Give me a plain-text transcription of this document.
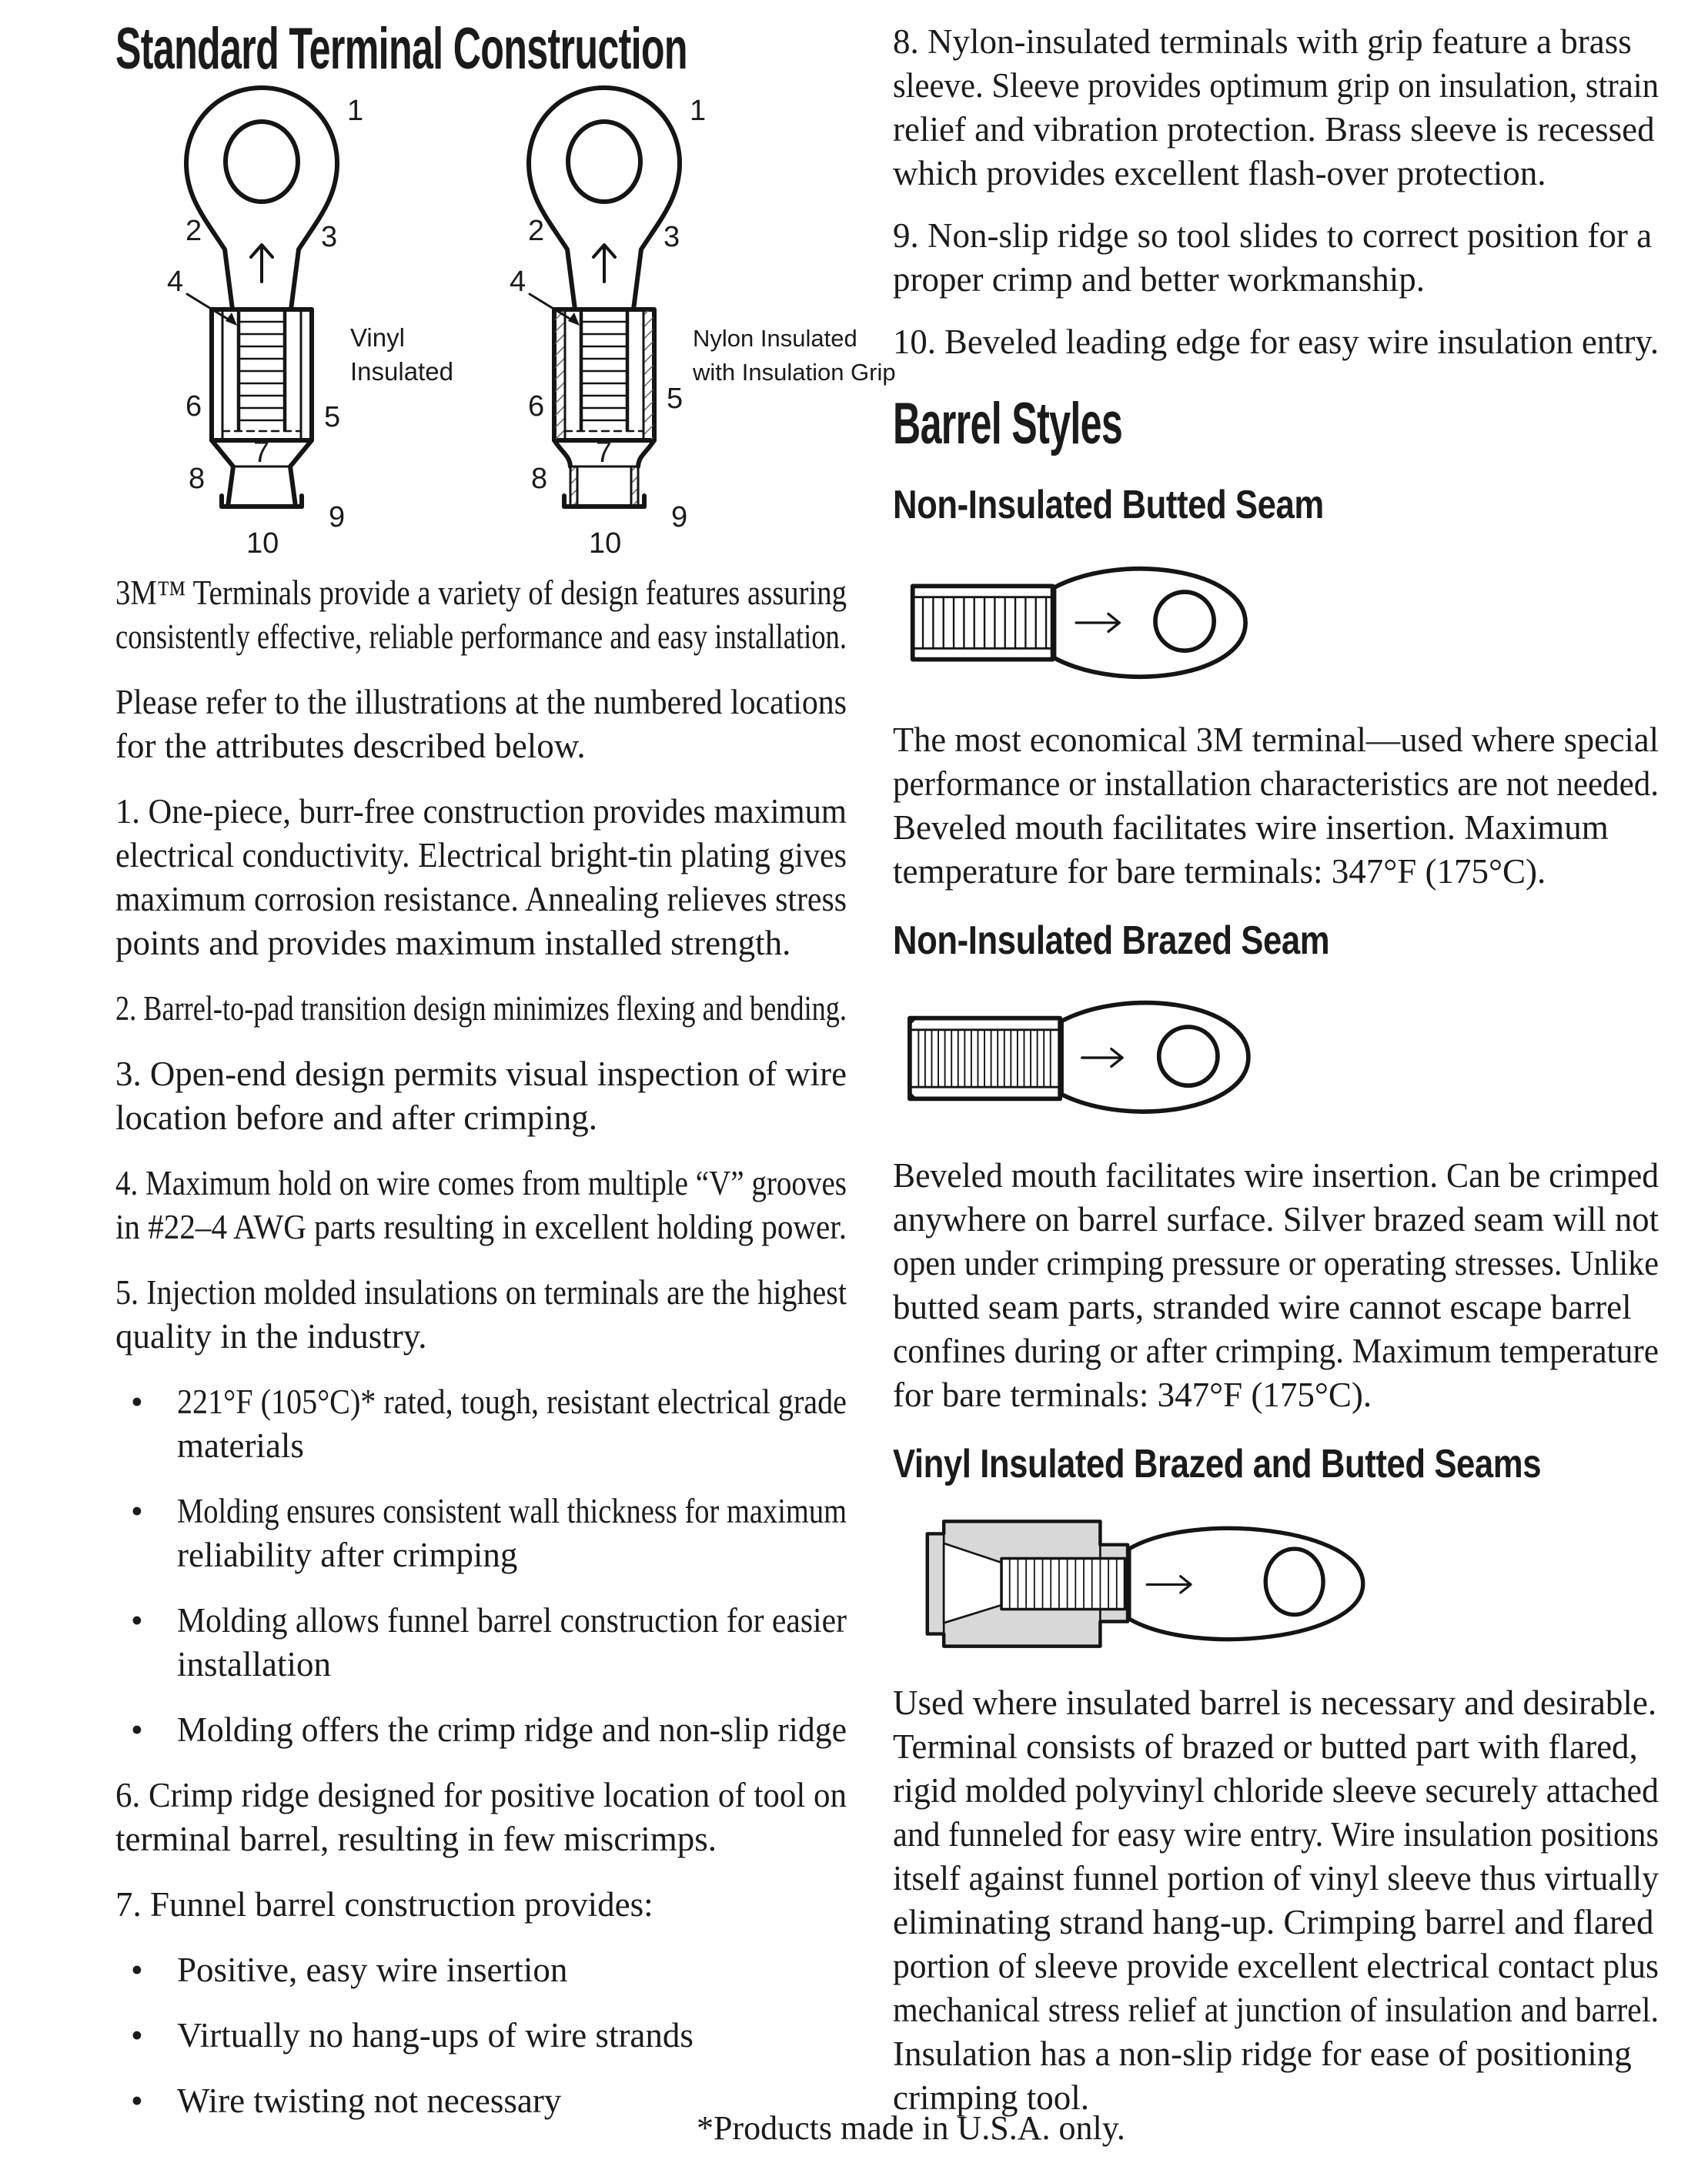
Standard Terminal Construction
1
2	3
4
6	5
7
8
9
10
Vinyl
Insulated
1
2	3
4
6	5
7
8
9
10
Nylon Insulated
with Insulation Grip
3M™ Terminals provide a variety of design features assuring
consistently effective, reliable performance and easy installation.
Please refer to the illustrations at the numbered locations
for the attributes described below.
1. One-piece, burr-free construction provides maximum
electrical conductivity. Electrical bright-tin plating gives
maximum corrosion resistance. Annealing relieves stress
points and provides maximum installed strength.
2. Barrel-to-pad transition design minimizes flexing and bending.
3. Open-end design permits visual inspection of wire
location before and after crimping.
4. Maximum hold on wire comes from multiple “V” grooves
in #22–4 AWG parts resulting in excellent holding power.
5. Injection molded insulations on terminals are the highest
quality in the industry.
• 221°F (105°C)* rated, tough, resistant electrical grade
materials
• Molding ensures consistent wall thickness for maximum
reliability after crimping
• Molding allows funnel barrel construction for easier
installation
• Molding offers the crimp ridge and non-slip ridge
6. Crimp ridge designed for positive location of tool on
terminal barrel, resulting in few miscrimps.
7. Funnel barrel construction provides:
• Positive, easy wire insertion
• Virtually no hang-ups of wire strands
• Wire twisting not necessary
8. Nylon-insulated terminals with grip feature a brass
sleeve. Sleeve provides optimum grip on insulation, strain
relief and vibration protection. Brass sleeve is recessed
which provides excellent flash-over protection.
9. Non-slip ridge so tool slides to correct position for a
proper crimp and better workmanship.
10. Beveled leading edge for easy wire insulation entry.
Barrel Styles
Non-Insulated Butted Seam
The most economical 3M terminal—used where special
performance or installation characteristics are not needed.
Beveled mouth facilitates wire insertion. Maximum
temperature for bare terminals: 347°F (175°C).
Non-Insulated Brazed Seam
Beveled mouth facilitates wire insertion. Can be crimped
anywhere on barrel surface. Silver brazed seam will not
open under crimping pressure or operating stresses. Unlike
butted seam parts, stranded wire cannot escape barrel
confines during or after crimping. Maximum temperature
for bare terminals: 347°F (175°C).
Vinyl Insulated Brazed and Butted Seams
Used where insulated barrel is necessary and desirable.
Terminal consists of brazed or butted part with flared,
rigid molded polyvinyl chloride sleeve securely attached
and funneled for easy wire entry. Wire insulation positions
itself against funnel portion of vinyl sleeve thus virtually
eliminating strand hang-up. Crimping barrel and flared
portion of sleeve provide excellent electrical contact plus
mechanical stress relief at junction of insulation and barrel.
Insulation has a non-slip ridge for ease of positioning
crimping tool.
*Products made in U.S.A. only.
